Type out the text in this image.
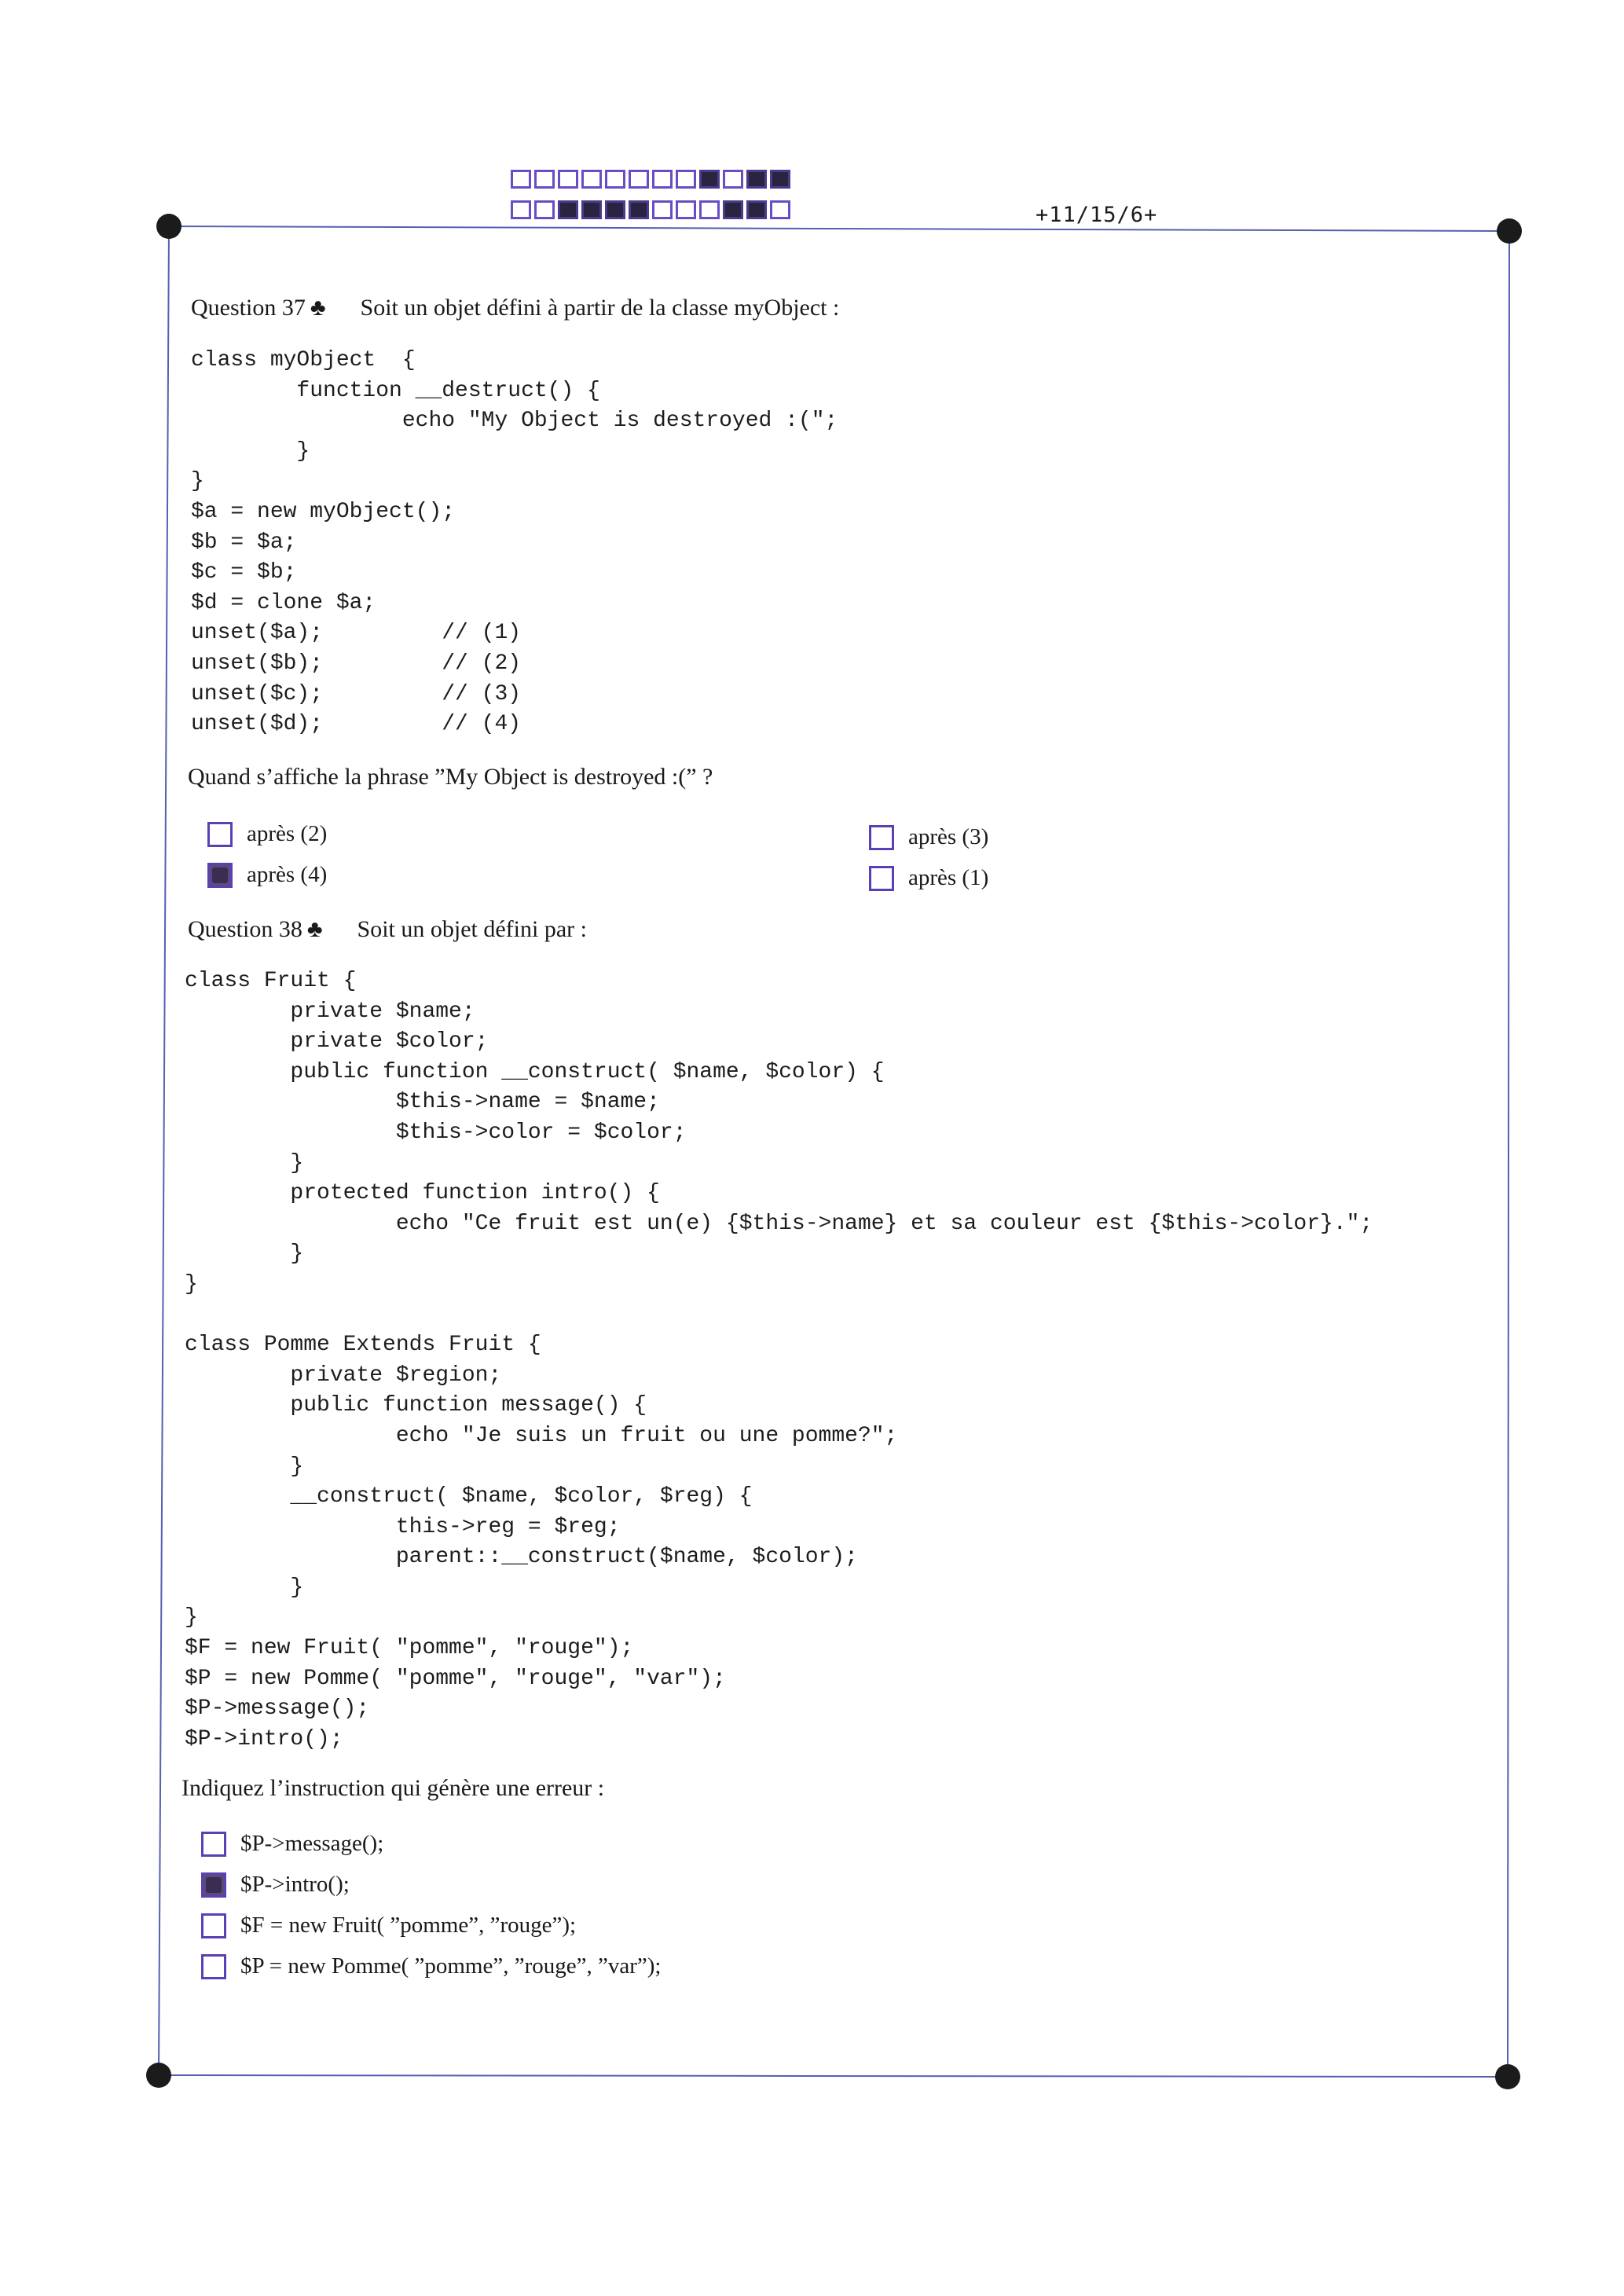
+11/15/6+
Question 37 ♣ Soit un objet défini à partir de la classe myObject :
class myObject  {
function __destruct() {
echo "My Object is destroyed :(";
}
}
$a = new myObject();
$b = $a;
$c = $b;
$d = clone $a;
unset($a);         // (1)
unset($b);         // (2)
unset($c);         // (3)
unset($d);         // (4)
Quand s’affiche la phrase ”My Object is destroyed :(” ?
après (2)
après (4)
après (3)
après (1)
Question 38 ♣ Soit un objet défini par :
class Fruit {
private $name;
private $color;
public function __construct( $name, $color) {
$this->name = $name;
$this->color = $color;
}
protected function intro() {
echo "Ce fruit est un(e) {$this->name} et sa couleur est {$this->color}.";
}
}

class Pomme Extends Fruit {
private $region;
public function message() {
echo "Je suis un fruit ou une pomme?";
}
__construct( $name, $color, $reg) {
this->reg = $reg;
parent::__construct($name, $color);
}
}
$F = new Fruit( "pomme", "rouge");
$P = new Pomme( "pomme", "rouge", "var");
$P->message();
$P->intro();
Indiquez l’instruction qui génère une erreur :
$P->message();
$P->intro();
$F = new Fruit( ”pomme”, ”rouge”);
$P = new Pomme( ”pomme”, ”rouge”, ”var”);
